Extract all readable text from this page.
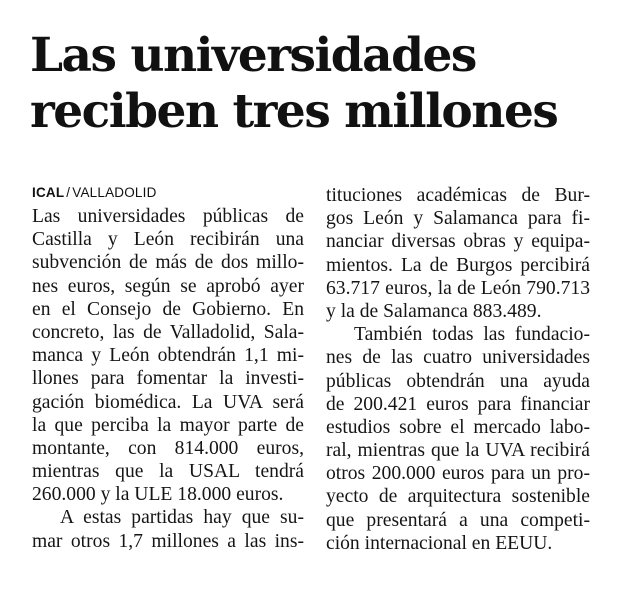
Las universidades
reciben tres millones
ICAL / VALLADOLID
Las universidades públicas de
Castilla y León recibirán una
subvención de más de dos millo-
nes euros, según se aprobó ayer
en el Consejo de Gobierno. En
concreto, las de Valladolid, Sala-
manca y León obtendrán 1,1 mi-
llones para fomentar la investi-
gación biomédica. La UVA será
la que perciba la mayor parte de
montante, con 814.000 euros,
mientras que la USAL tendrá
260.000 y la ULE 18.000 euros.
A estas partidas hay que su-
mar otros 1,7 millones a las ins-
tituciones académicas de Bur-
gos León y Salamanca para fi-
nanciar diversas obras y equipa-
mientos. La de Burgos percibirá
63.717 euros, la de León 790.713
y la de Salamanca 883.489.
También todas las fundacio-
nes de las cuatro universidades
públicas obtendrán una ayuda
de 200.421 euros para financiar
estudios sobre el mercado labo-
ral, mientras que la UVA recibirá
otros 200.000 euros para un pro-
yecto de arquitectura sostenible
que presentará a una competi-
ción internacional en EEUU.
